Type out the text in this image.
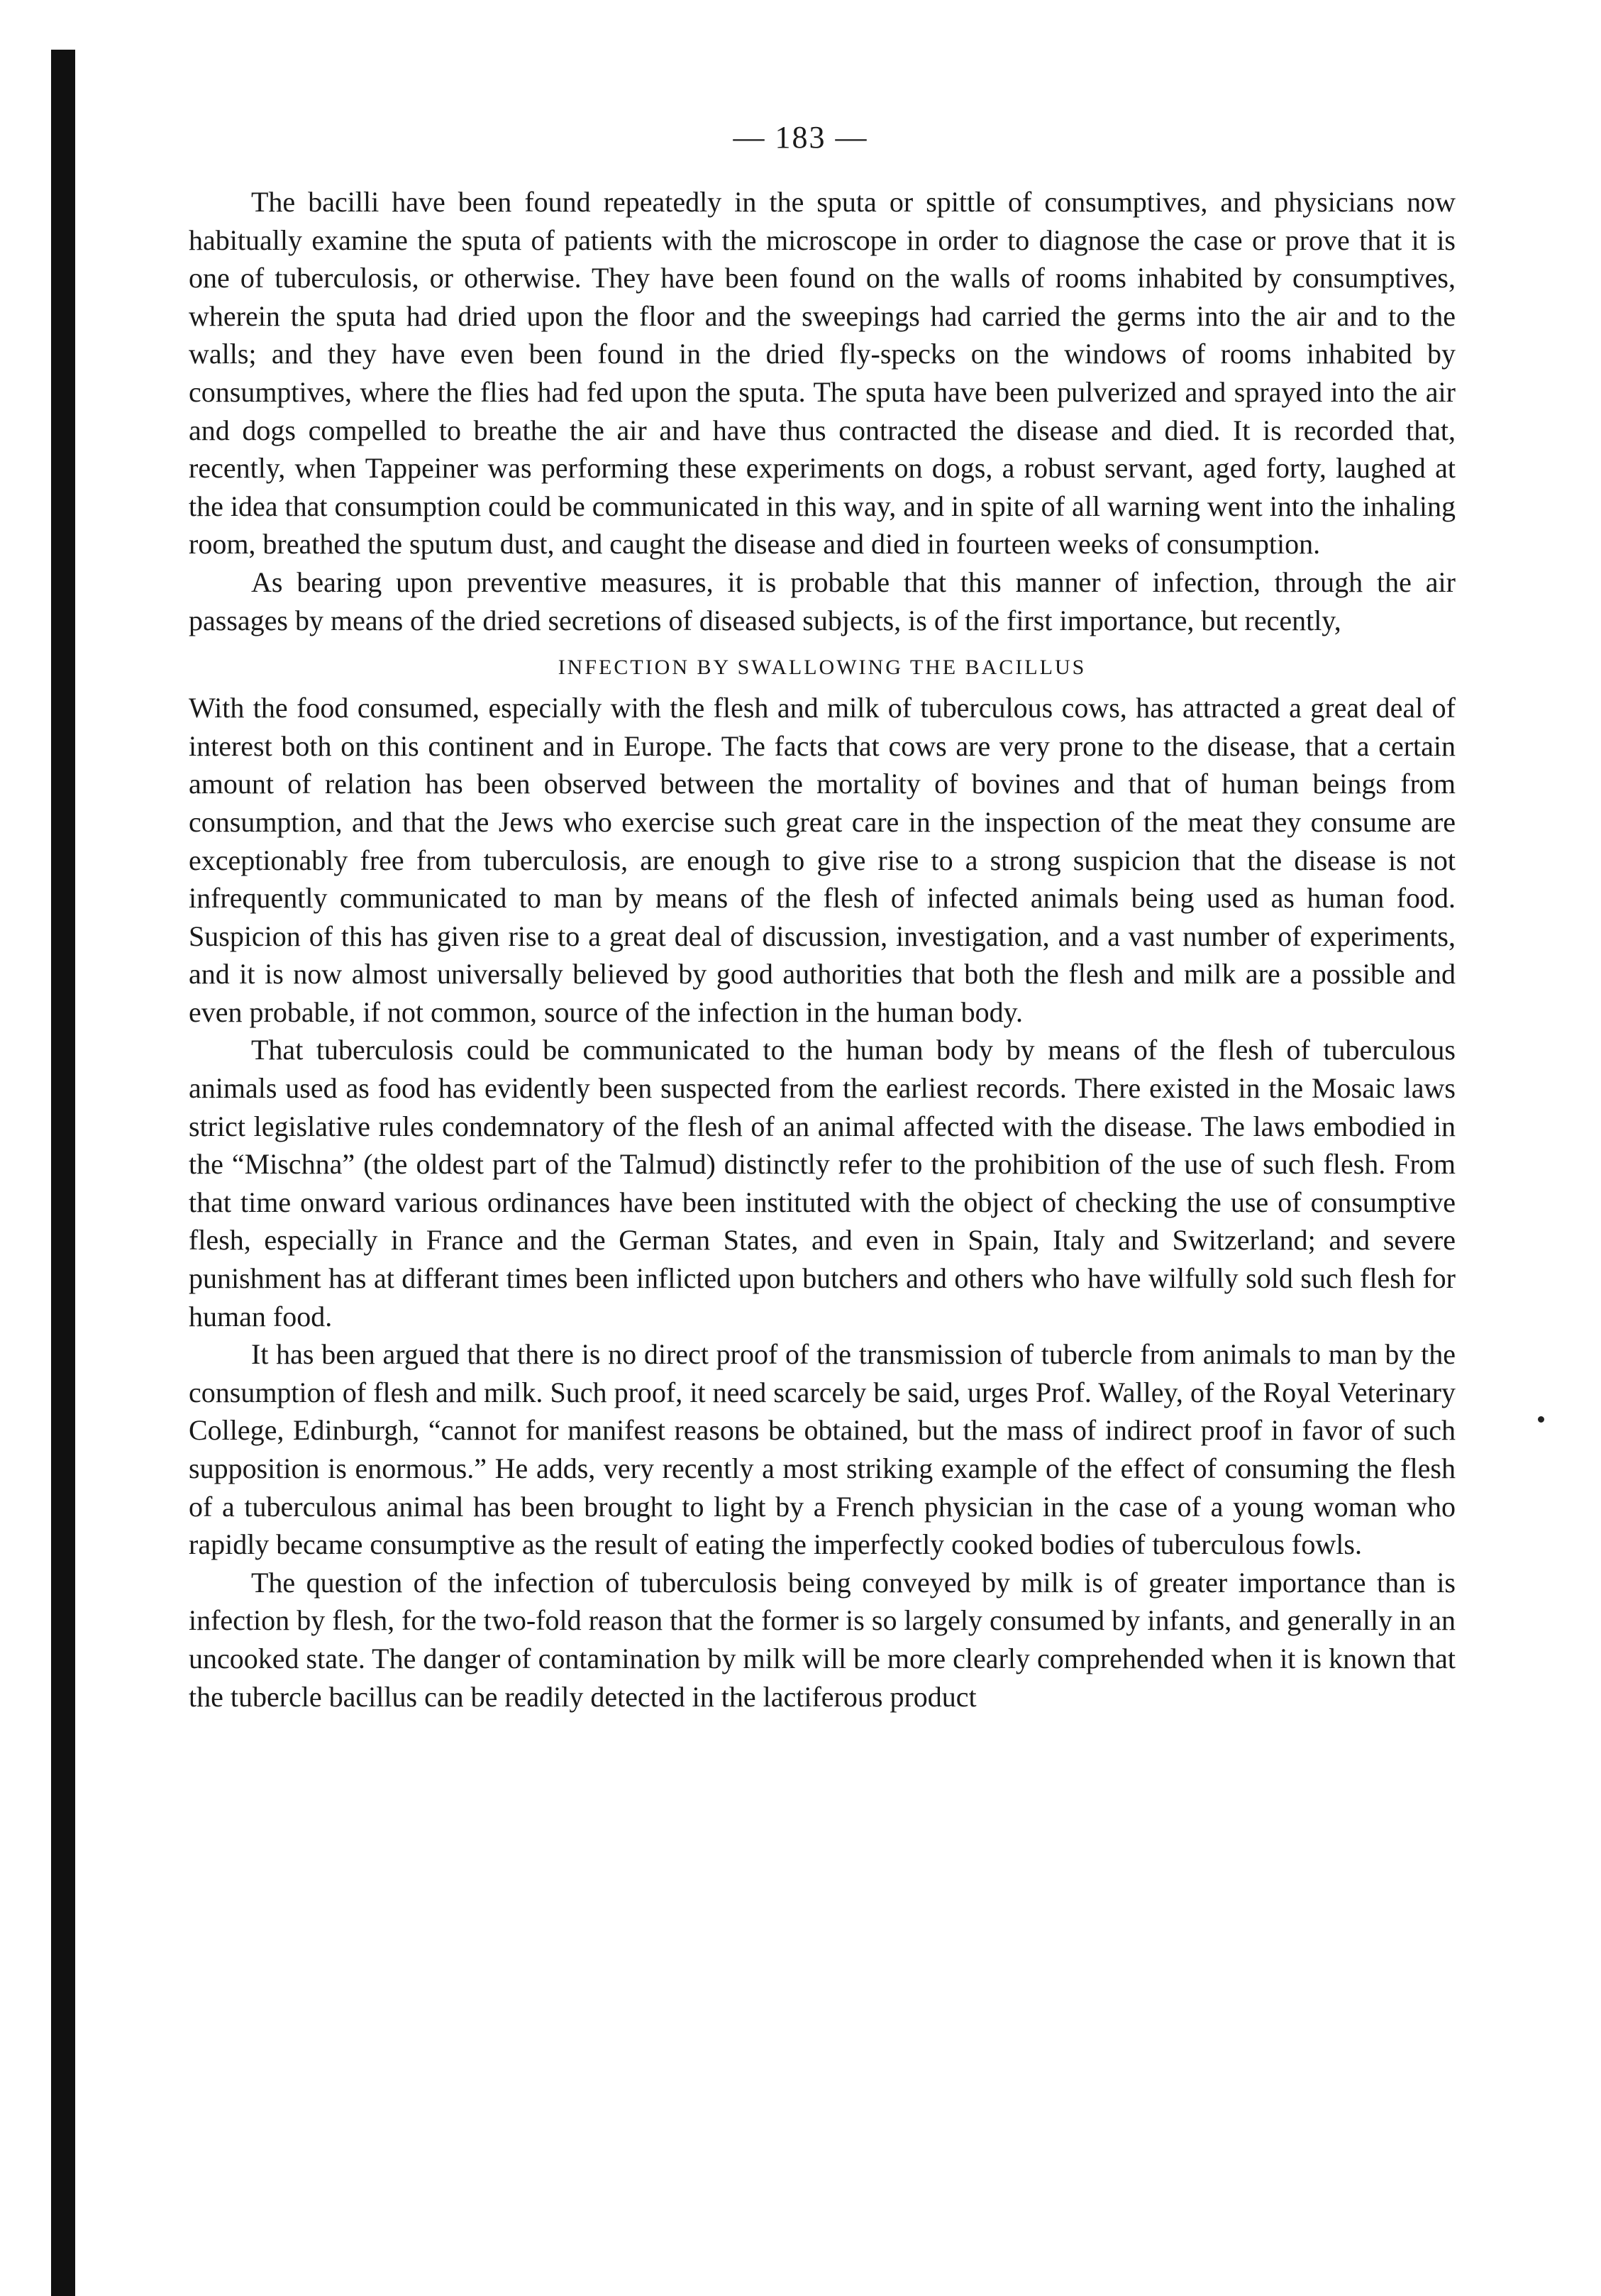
— 183 —

The bacilli have been found repeatedly in the sputa or spittle of consumptives, and physicians now habitually examine the sputa of patients with the microscope in order to diagnose the case or prove that it is one of tuberculosis, or otherwise. They have been found on the walls of rooms inhabited by consumptives, wherein the sputa had dried upon the floor and the sweepings had carried the germs into the air and to the walls; and they have even been found in the dried fly-specks on the windows of rooms inhabited by consumptives, where the flies had fed upon the sputa. The sputa have been pulverized and sprayed into the air and dogs compelled to breathe the air and have thus contracted the disease and died. It is recorded that, recently, when Tappeiner was performing these experiments on dogs, a robust servant, aged forty, laughed at the idea that consumption could be communicated in this way, and in spite of all warning went into the inhaling room, breathed the sputum dust, and caught the disease and died in fourteen weeks of consumption.

As bearing upon preventive measures, it is probable that this manner of infection, through the air passages by means of the dried secretions of diseased subjects, is of the first importance, but recently,

INFECTION BY SWALLOWING THE BACILLUS

With the food consumed, especially with the flesh and milk of tuberculous cows, has attracted a great deal of interest both on this continent and in Europe. The facts that cows are very prone to the disease, that a certain amount of relation has been observed between the mortality of bovines and that of human beings from consumption, and that the Jews who exercise such great care in the inspection of the meat they consume are exceptionably free from tuberculosis, are enough to give rise to a strong suspicion that the disease is not infrequently communicated to man by means of the flesh of infected animals being used as human food. Suspicion of this has given rise to a great deal of discussion, investigation, and a vast number of experiments, and it is now almost universally believed by good authorities that both the flesh and milk are a possible and even probable, if not common, source of the infection in the human body.

That tuberculosis could be communicated to the human body by means of the flesh of tuberculous animals used as food has evidently been suspected from the earliest records. There existed in the Mosaic laws strict legislative rules condemnatory of the flesh of an animal affected with the disease. The laws embodied in the “Mischna” (the oldest part of the Talmud) distinctly refer to the prohibition of the use of such flesh. From that time onward various ordinances have been instituted with the object of checking the use of consumptive flesh, especially in France and the German States, and even in Spain, Italy and Switzerland; and severe punishment has at differant times been inflicted upon butchers and others who have wilfully sold such flesh for human food.

It has been argued that there is no direct proof of the transmission of tubercle from animals to man by the consumption of flesh and milk. Such proof, it need scarcely be said, urges Prof. Walley, of the Royal Veterinary College, Edinburgh, “cannot for manifest reasons be obtained, but the mass of indirect proof in favor of such supposition is enormous.” He adds, very recently a most striking example of the effect of consuming the flesh of a tuberculous animal has been brought to light by a French physician in the case of a young woman who rapidly became consumptive as the result of eating the imperfectly cooked bodies of tuberculous fowls.

The question of the infection of tuberculosis being conveyed by milk is of greater importance than is infection by flesh, for the two-fold reason that the former is so largely consumed by infants, and generally in an uncooked state. The danger of contamination by milk will be more clearly comprehended when it is known that the tubercle bacillus can be readily detected in the lactiferous product
